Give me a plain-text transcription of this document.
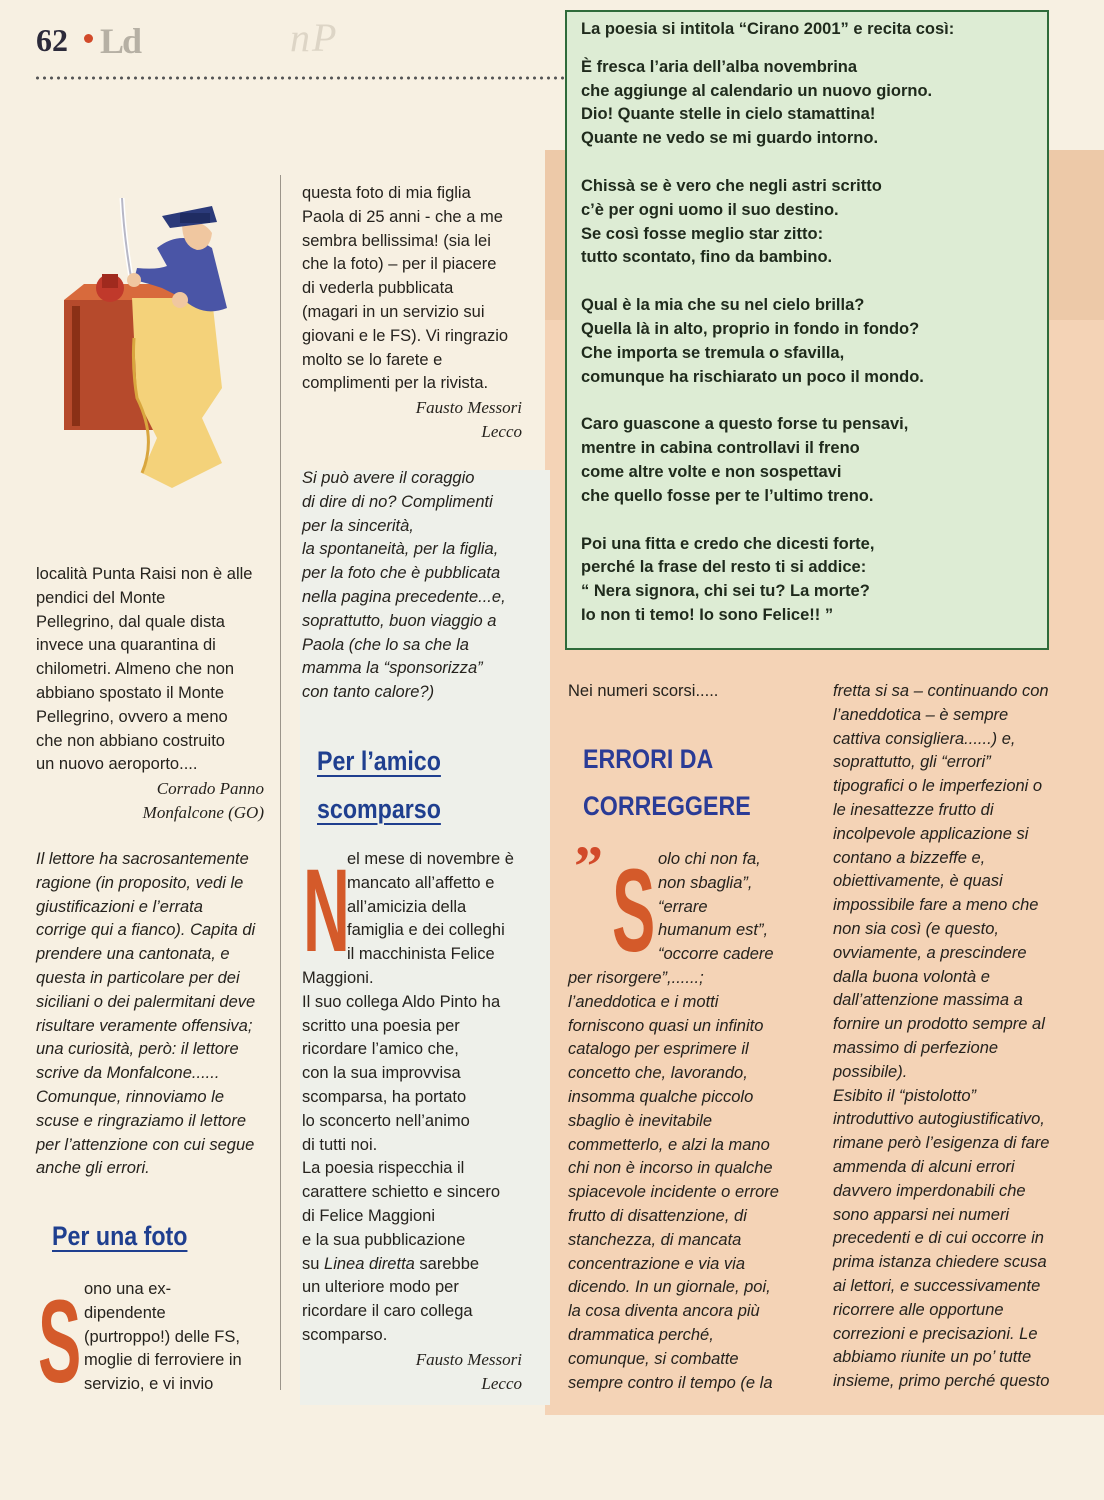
nP
62 Ld	La poesia si intitola “Cirano 2001” e recita così:

È fresca l’aria dell’alba novembrina
che aggiunge al calendario un nuovo giorno.
Dio! Quante stelle in cielo stamattina!
Quante ne vedo se mi guardo intorno.
Chissà se è vero che negli astri scritto
c’è per ogni uomo il suo destino.
Se così fosse meglio star zitto:
tutto scontato, fino da bambino.
Qual è la mia che su nel cielo brilla?
Quella là in alto, proprio in fondo in fondo?
Che importa se tremula o sfavilla,
comunque ha rischiarato un poco il mondo.
Caro guascone a questo forse tu pensavi,
mentre in cabina controllavi il freno
come altre volte e non sospettavi
che quello fosse per te l’ultimo treno.
Poi una fitta e credo che dicesti forte,
perché la frase del resto ti si addice:
“ Nera signora, chi sei tu? La morte?
Io non ti temo! Io sono Felice!! ”
località Punta Raisi non è alle
pendici del Monte
Pellegrino, dal quale dista
invece una quarantina di
chilometri. Almeno che non
abbiano spostato il Monte
Pellegrino, ovvero a meno
che non abbiano costruito
un nuovo aeroporto....
Corrado Panno
Monfalcone (GO)
Il lettore ha sacrosantemente
ragione (in proposito, vedi le
giustificazioni e l’errata
corrige qui a fianco). Capita di
prendere una cantonata, e
questa in particolare per dei
siciliani o dei palermitani deve
risultare veramente offensiva;
una curiosità, però: il lettore
scrive da Monfalcone......
Comunque, rinnoviamo le
scuse e ringraziamo il lettore
per l’attenzione con cui segue
anche gli errori.
Per una foto
S ono una ex-
dipendente
(purtroppo!) delle FS,
moglie di ferroviere in
servizio, e vi invio
questa foto di mia figlia
Paola di 25 anni - che a me
sembra bellissima! (sia lei
che la foto) – per il piacere
di vederla pubblicata
(magari in un servizio sui
giovani e le FS). Vi ringrazio
molto se lo farete e
complimenti per la rivista.
Fausto Messori
Lecco
Si può avere il coraggio
di dire di no? Complimenti
per la sincerità,
la spontaneità, per la figlia,
per la foto che è pubblicata
nella pagina precedente...e,
soprattutto, buon viaggio a
Paola (che lo sa che la
mamma la “sponsorizza”
con tanto calore?)
Per l’amico
scomparso
N
el mese di novembre è
mancato all’affetto e
all’amicizia della
famiglia e dei colleghi
il macchinista Felice
Maggioni.
Il suo collega Aldo Pinto ha
scritto una poesia per
ricordare l’amico che,
con la sua improvvisa
scomparsa, ha portato
lo sconcerto nell’animo
di tutti noi.
La poesia rispecchia il
carattere schietto e sincero
di Felice Maggioni
e la sua pubblicazione
su Linea diretta sarebbe
un ulteriore modo per
ricordare il caro collega
scomparso.
Fausto Messori
Lecco
Nei numeri scorsi.....
ERRORI DA
CORREGGERE
” S olo chi non fa,
non sbaglia”,
“errare
humanum est”,
“occorre cadere
per risorgere”,......;
l’aneddotica e i motti
forniscono quasi un infinito
catalogo per esprimere il
concetto che, lavorando,
insomma qualche piccolo
sbaglio è inevitabile
commetterlo, e alzi la mano
chi non è incorso in qualche
spiacevole incidente o errore
frutto di disattenzione, di
stanchezza, di mancata
concentrazione e via via
dicendo. In un giornale, poi,
la cosa diventa ancora più
drammatica perché,
comunque, si combatte
sempre contro il tempo (e la
fretta si sa – continuando con
l’aneddotica – è sempre
cattiva consigliera......) e,
soprattutto, gli “errori”
tipografici o le imperfezioni o
le inesattezze frutto di
incolpevole applicazione si
contano a bizzeffe e,
obiettivamente, è quasi
impossibile fare a meno che
non sia così (e questo,
ovviamente, a prescindere
dalla buona volontà e
dall’attenzione massima a
fornire un prodotto sempre al
massimo di perfezione
possibile).
Esibito il “pistolotto”
introduttivo autogiustificativo,
rimane però l’esigenza di fare
ammenda di alcuni errori
davvero imperdonabili che
sono apparsi nei numeri
precedenti e di cui occorre in
prima istanza chiedere scusa
ai lettori, e successivamente
ricorrere alle opportune
correzioni e precisazioni. Le
abbiamo riunite un po’ tutte
insieme, primo perché questo
